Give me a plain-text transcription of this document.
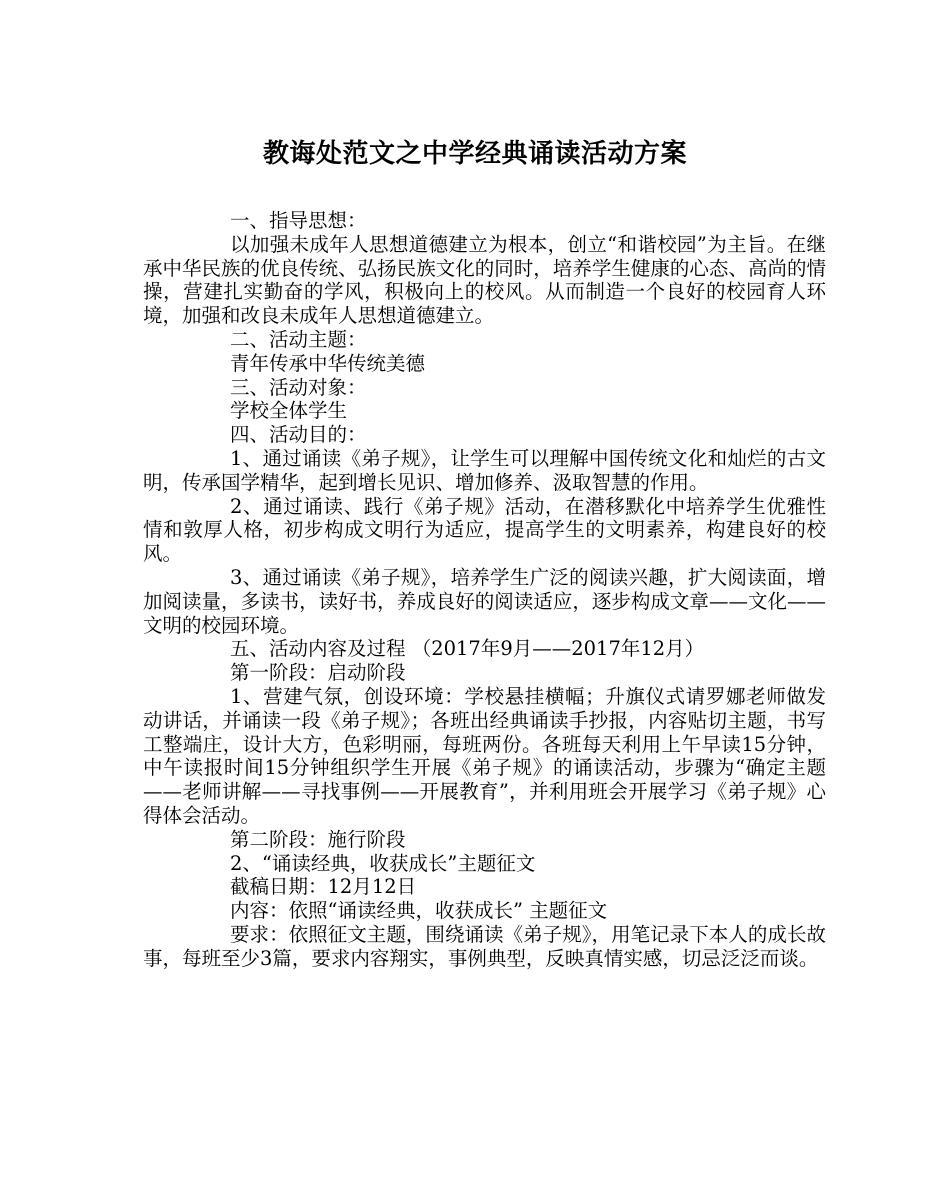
教诲处范文之中学经典诵读活动方案

一、指导思想：

以加强未成年人思想道德建立为根本，创立“和谐校园”为主旨。在继承中华民族的优良传统、弘扬民族文化的同时，培养学生健康的心态、高尚的情操，营建扎实勤奋的学风，积极向上的校风。从而制造一个良好的校园育人环境，加强和改良未成年人思想道德建立。

二、活动主题：

青年传承中华传统美德

三、活动对象：

学校全体学生

四、活动目的：

1、通过诵读《弟子规》，让学生可以理解中国传统文化和灿烂的古文明，传承国学精华，起到增长见识、增加修养、汲取智慧的作用。

2、通过诵读、践行《弟子规》活动，在潜移默化中培养学生优雅性情和敦厚人格，初步构成文明行为适应，提高学生的文明素养，构建良好的校风。

3、通过诵读《弟子规》，培养学生广泛的阅读兴趣，扩大阅读面，增加阅读量，多读书，读好书，养成良好的阅读适应，逐步构成文章——文化——文明的校园环境。

五、活动内容及过程 （2017年9月——2017年12月）

第一阶段：启动阶段

1、营建气氛，创设环境：学校悬挂横幅；升旗仪式请罗娜老师做发动讲话，并诵读一段《弟子规》；各班出经典诵读手抄报，内容贴切主题，书写工整端庄，设计大方，色彩明丽，每班两份。各班每天利用上午早读15分钟，中午读报时间15分钟组织学生开展《弟子规》的诵读活动，步骤为“确定主题——老师讲解——寻找事例——开展教育”，并利用班会开展学习《弟子规》心得体会活动。

第二阶段：施行阶段

2、“诵读经典，收获成长”主题征文

截稿日期：12月12日

内容：依照“诵读经典，收获成长” 主题征文

要求：依照征文主题，围绕诵读《弟子规》，用笔记录下本人的成长故事，每班至少3篇，要求内容翔实，事例典型，反映真情实感，切忌泛泛而谈。
